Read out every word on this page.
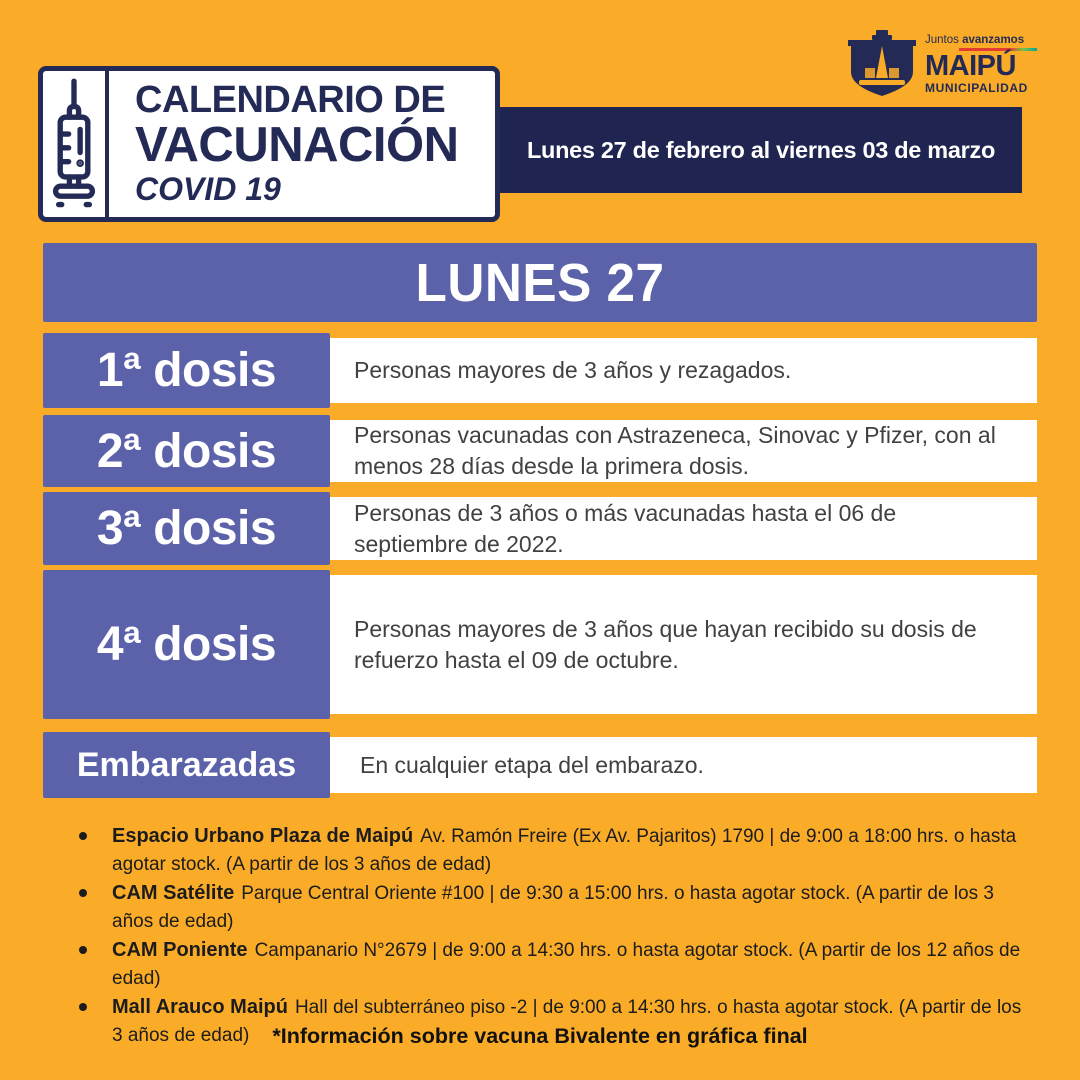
Lunes 27 de febrero al viernes 03 de marzo
CALENDARIO DE
VACUNACIÓN
COVID 19
Juntos avanzamos
MAIPÚ
MUNICIPALIDAD
LUNES 27
1ª dosis	Personas mayores de 3 años y rezagados.
2ª dosis	Personas vacunadas con Astrazeneca, Sinovac y Pfizer, con al menos 28 días desde la primera dosis.
3ª dosis	Personas de 3 años o más vacunadas hasta el 06 de septiembre de 2022.
4ª dosis	Personas mayores de 3 años que hayan recibido su dosis de refuerzo hasta el 09 de octubre.
Embarazadas	En cualquier etapa del embarazo.
Espacio Urbano Plaza de Maipú Av. Ramón Freire (Ex Av. Pajaritos) 1790 | de 9:00 a 18:00 hrs. o hasta agotar stock. (A partir de los 3 años de edad)
CAM Satélite Parque Central Oriente #100 | de 9:30 a 15:00 hrs. o hasta agotar stock. (A partir de los 3 años de edad)
CAM Poniente Campanario N°2679 | de 9:00 a 14:30 hrs. o hasta agotar stock. (A partir de los 12 años de edad)
Mall Arauco Maipú Hall del subterráneo piso -2 | de 9:00 a 14:30 hrs. o hasta agotar stock. (A partir de los 3 años de edad)	*Información sobre vacuna Bivalente en gráfica final
